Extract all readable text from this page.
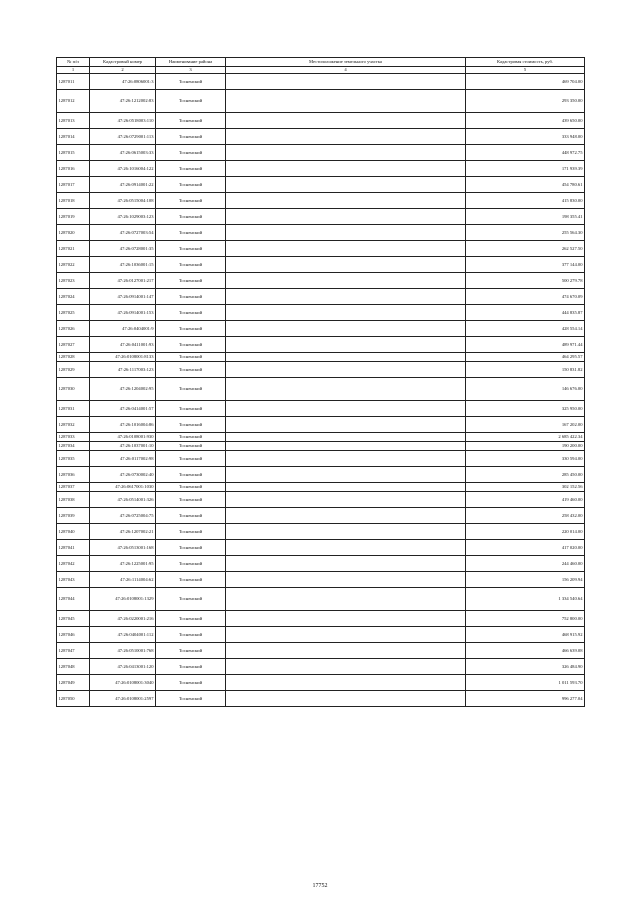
№ п/п	Кадастровый номер	Наименование района	Местоположение земельного участка	Кадастровая стоимость, руб.
1	2	3	4	5
1287011	47:26:0806001:3	Тосненский		469 704.00
1287012	47:26:1212002:83	Тосненский		293 350.00
1287013	47:26:0518003:110	Тосненский		439 650.00
1287014	47:26:0729001:113	Тосненский		333 948.00
1287015	47:26:0615003:33	Тосненский		448 972.75
1287016	47:26:1016004:122	Тосненский		171 939.39
1287017	47:26:0914001:22	Тосненский		454 780.61
1287018	47:26:0515004:108	Тосненский		415 830.00
1287019	47:26:1029003:123	Тосненский		198 355.41
1287020	47:26:0727003:54	Тосненский		255 564.30
1287021	47:26:0728001:35	Тосненский		262 527.50
1287022	47:26:1036001:15	Тосненский		377 144.00
1287023	47:26:0127001:217	Тосненский		500 279.78
1287024	47:26:0914001:147	Тосненский		474 670.09
1287025	47:26:0914001:153	Тосненский		444 835.87
1287026	47:26:0404001:9	Тосненский		428 554.14
1287027	47:26:0411001:93	Тосненский		489 971.44
1287028	47:26:0108001:8133	Тосненский		464 295.57
1287029	47:26:1117003:123	Тосненский		150 831.82
1287030	47:26:1204002:95	Тосненский		146 676.00
1287031	47:26:0414001:57	Тосненский		325 950.00
1287032	47:26:1016004:86	Тосненский		167 202.00
1287033	47:26:0108001:930	Тосненский		2 685 422.34
1287034	47:26:1037001:10	Тосненский		190 200.00
1287035	47:26:0117002:98	Тосненский		330 594.00
1287036	47:26:0730002:40	Тосненский		285 450.00
1287037	47:26:0617001:1030	Тосненский		302 152.56
1287038	47:26:0514001:326	Тосненский		419 460.00
1287039	47:26:0725004:75	Тосненский		258 432.00
1287040	47:26:1207002:21	Тосненский		220 014.00
1287041	47:26:0513001:168	Тосненский		417 020.00
1287042	47:26:1225001:95	Тосненский		244 460.00
1287043	47:26:1114004:62	Тосненский		156 209.94
1287044	47:26:0108001:1329	Тосненский		1 334 540.64
1287045	47:26:0220001:216	Тосненский		752 800.00
1287046	47:26:0404001:112	Тосненский		468 915.92
1287047	47:26:0510001:768	Тосненский		466 639.08
1287048	47:26:0413001:120	Тосненский		326 484.90
1287049	47:26:0108001:3040	Тосненский		1 011 593.70
1287050	47:26:0108001:2597	Тосненский		996 277.04
17752
